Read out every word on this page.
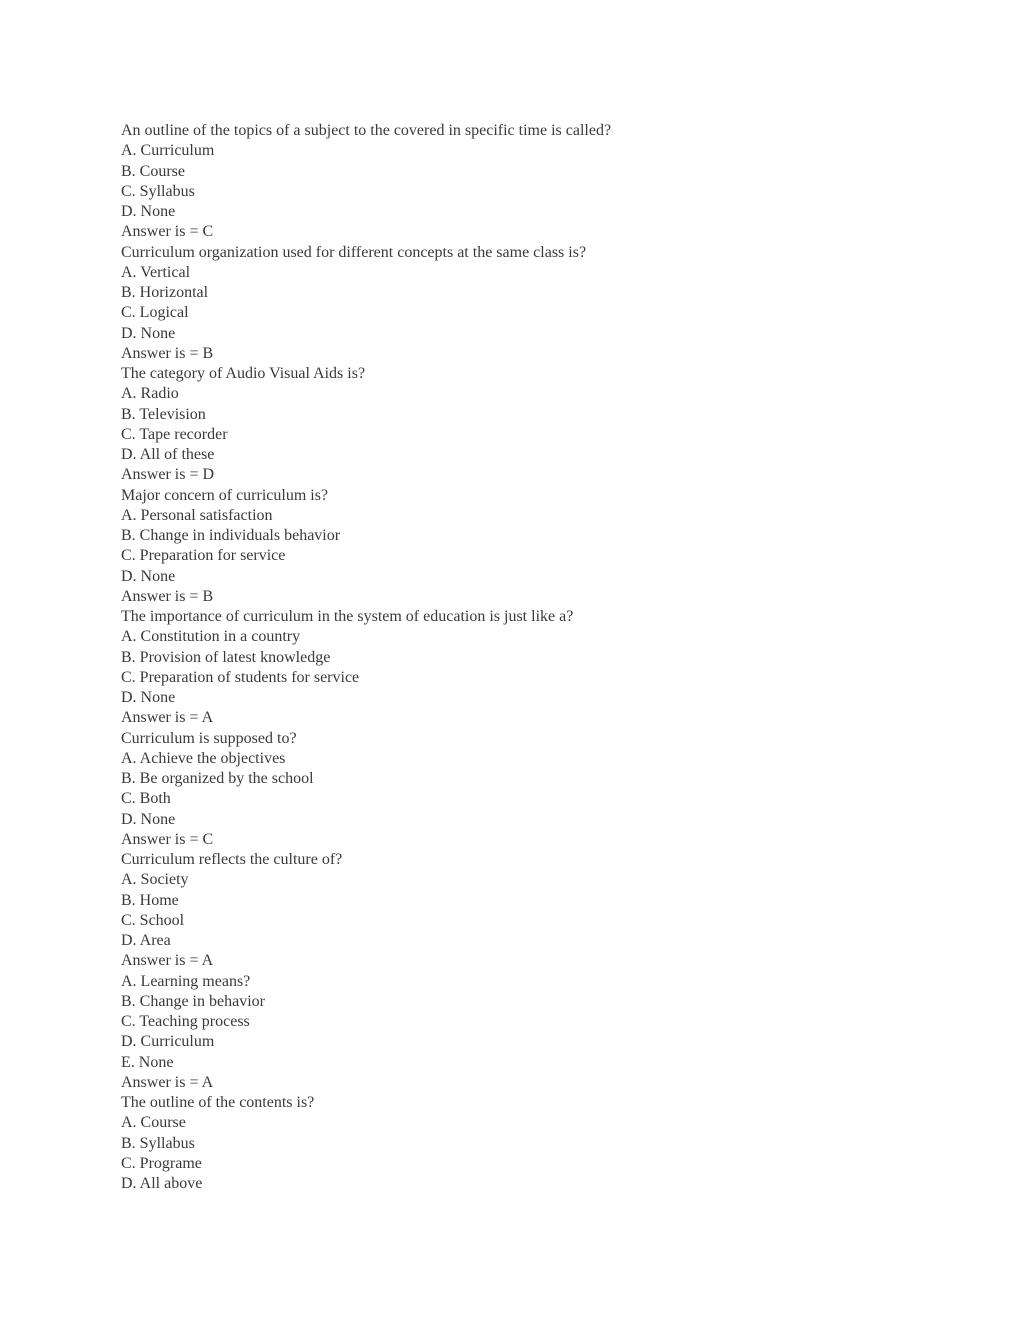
An outline of the topics of a subject to the covered in specific time is called?
A. Curriculum
B. Course
C. Syllabus
D. None
Answer is = C
Curriculum organization used for different concepts at the same class is?
A. Vertical
B. Horizontal
C. Logical
D. None
Answer is = B
The category of Audio Visual Aids is?
A. Radio
B. Television
C. Tape recorder
D. All of these
Answer is = D
Major concern of curriculum is?
A. Personal satisfaction
B. Change in individuals behavior
C. Preparation for service
D. None
Answer is = B
The importance of curriculum in the system of education is just like a?
A. Constitution in a country
B. Provision of latest knowledge
C. Preparation of students for service
D. None
Answer is = A
Curriculum is supposed to?
A. Achieve the objectives
B. Be organized by the school
C. Both
D. None
Answer is = C
Curriculum reflects the culture of?
A. Society
B. Home
C. School
D. Area
Answer is = A
A. Learning means?
B. Change in behavior
C. Teaching process
D. Curriculum
E. None
Answer is = A
The outline of the contents is?
A. Course
B. Syllabus
C. Programe
D. All above
